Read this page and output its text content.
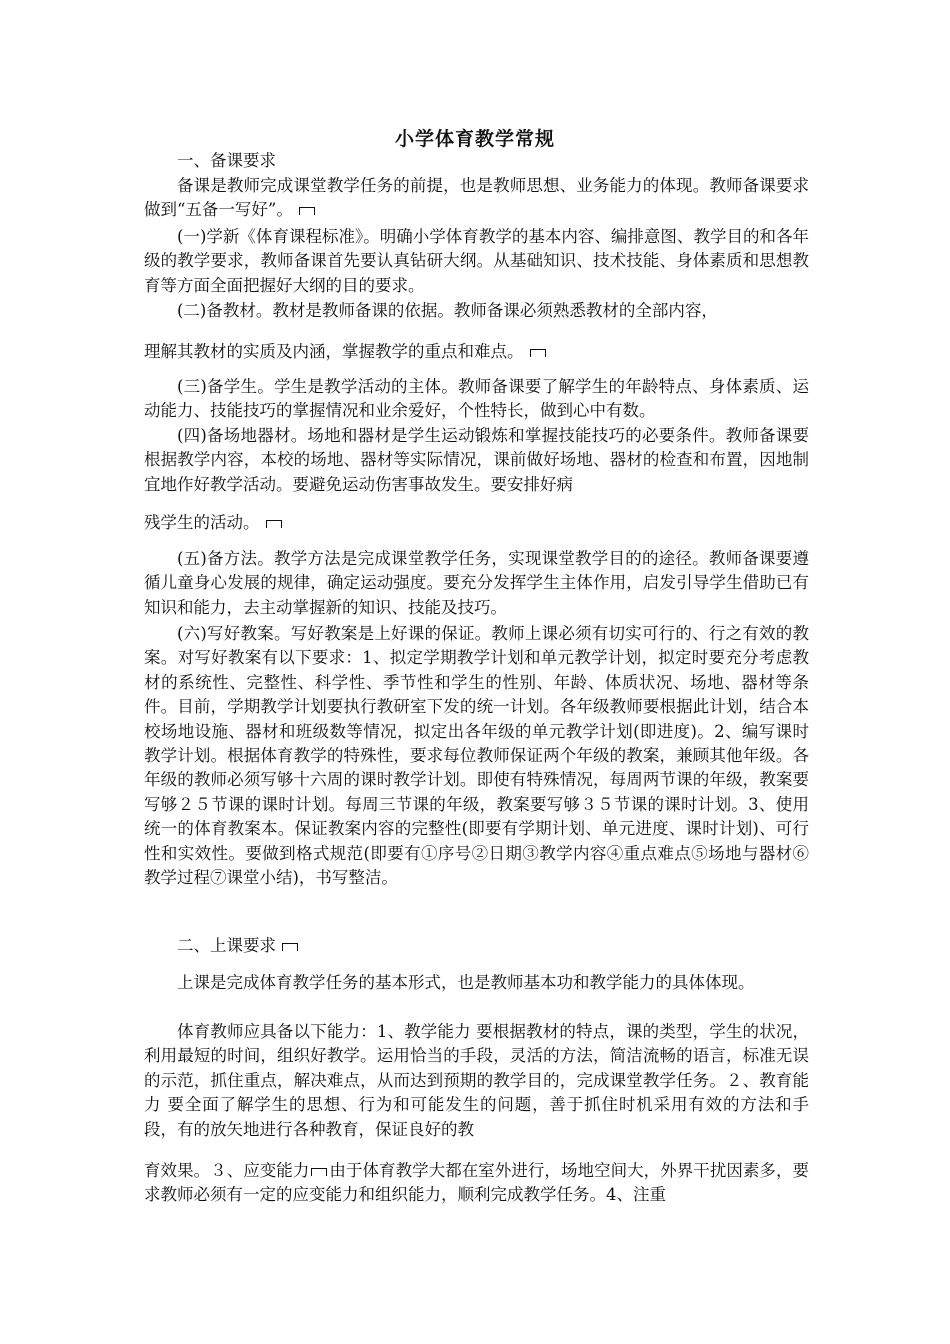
小学体育教学常规

一、备课要求

备课是教师完成课堂教学任务的前提，也是教师思想、业务能力的体现。教师备课要求做到“五备一写好”。

(一)学新《体育课程标准》。明确小学体育教学的基本内容、编排意图、教学目的和各年级的教学要求，教师备课首先要认真钻研大纲。从基础知识、技术技能、身体素质和思想教育等方面全面把握好大纲的目的要求。

(二)备教材。教材是教师备课的依据。教师备课必须熟悉教材的全部内容，

理解其教材的实质及内涵，掌握教学的重点和难点。

(三)备学生。学生是教学活动的主体。教师备课要了解学生的年龄特点、身体素质、运动能力、技能技巧的掌握情况和业余爱好，个性特长，做到心中有数。

(四)备场地器材。场地和器材是学生运动锻炼和掌握技能技巧的必要条件。教师备课要根据教学内容，本校的场地、器材等实际情况，课前做好场地、器材的检查和布置，因地制宜地作好教学活动。要避免运动伤害事故发生。要安排好病

残学生的活动。

(五)备方法。教学方法是完成课堂教学任务，实现课堂教学目的的途径。教师备课要遵循儿童身心发展的规律，确定运动强度。要充分发挥学生主体作用，启发引导学生借助已有知识和能力，去主动掌握新的知识、技能及技巧。

(六)写好教案。写好教案是上好课的保证。教师上课必须有切实可行的、行之有效的教案。对写好教案有以下要求：1、拟定学期教学计划和单元教学计划，拟定时要充分考虑教材的系统性、完整性、科学性、季节性和学生的性别、年龄、体质状况、场地、器材等条件。目前，学期教学计划要执行教研室下发的统一计划。各年级教师要根据此计划，结合本校场地设施、器材和班级数等情况，拟定出各年级的单元教学计划(即进度)。2、编写课时教学计划。根据体育教学的特殊性，要求每位教师保证两个年级的教案，兼顾其他年级。各年级的教师必须写够十六周的课时教学计划。即使有特殊情况，每周两节课的年级，教案要写够２５节课的课时计划。每周三节课的年级，教案要写够３５节课的课时计划。3、使用统一的体育教案本。保证教案内容的完整性(即要有学期计划、单元进度、课时计划)、可行性和实效性。要做到格式规范(即要有①序号②日期③教学内容④重点难点⑤场地与器材⑥教学过程⑦课堂小结)，书写整洁。

二、上课要求

上课是完成体育教学任务的基本形式，也是教师基本功和教学能力的具体体现。

体育教师应具备以下能力：1、教学能力 要根据教材的特点，课的类型，学生的状况，利用最短的时间，组织好教学。运用恰当的手段，灵活的方法，简洁流畅的语言，标准无误的示范，抓住重点，解决难点，从而达到预期的教学目的，完成课堂教学任务。２、教育能力 要全面了解学生的思想、行为和可能发生的问题，善于抓住时机采用有效的方法和手段，有的放矢地进行各种教育，保证良好的教

育效果。３、应变能力 由于体育教学大都在室外进行，场地空间大，外界干扰因素多，要求教师必须有一定的应变能力和组织能力，顺利完成教学任务。4、注重
